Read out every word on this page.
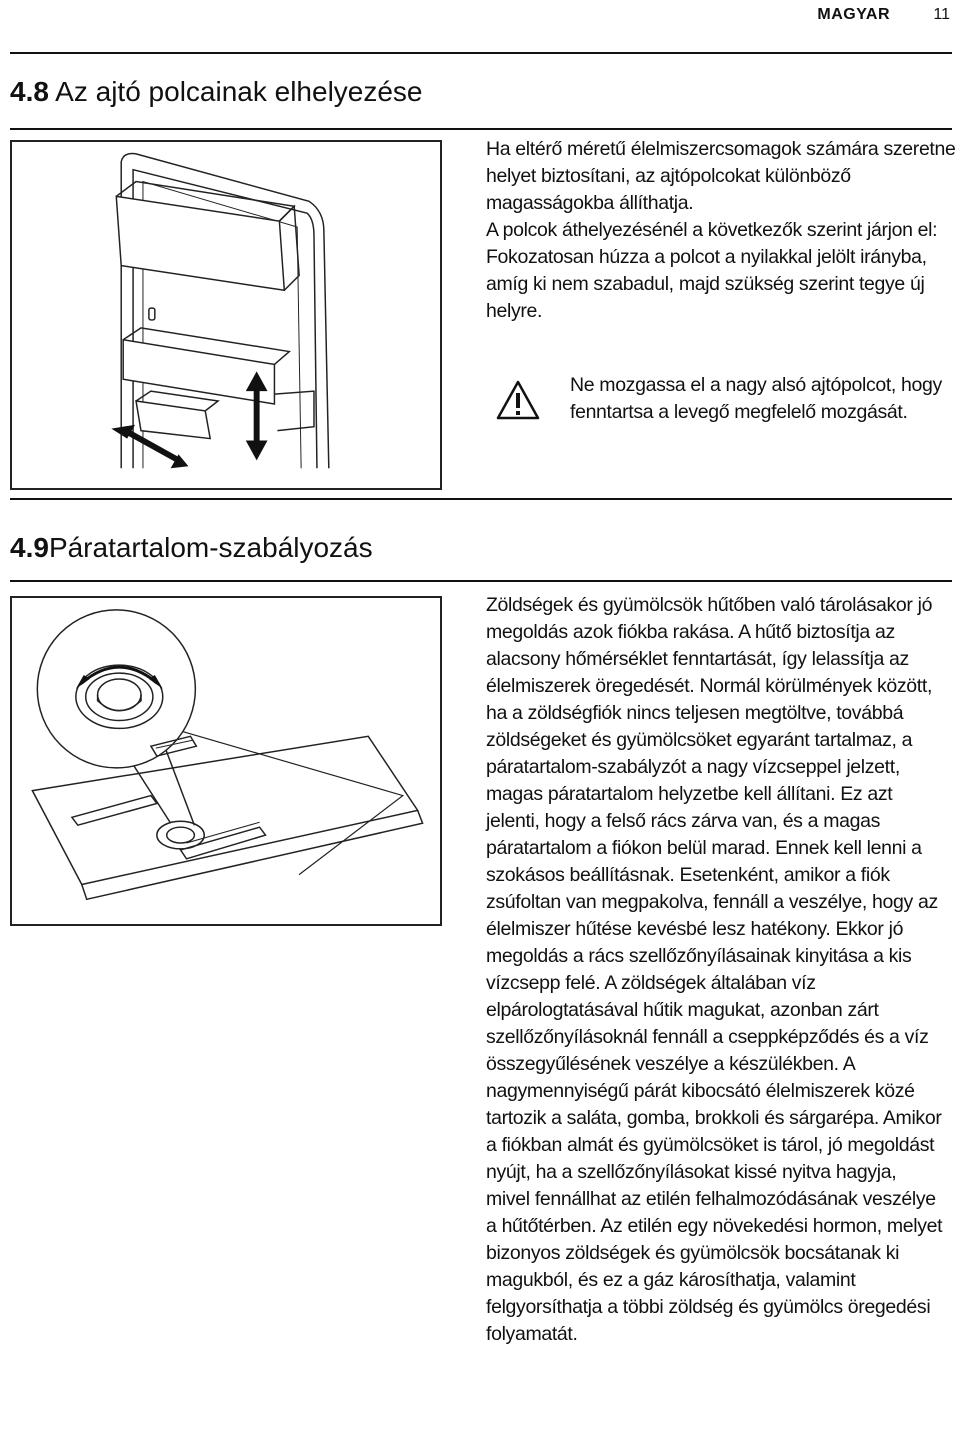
MAGYAR	11
4.8 Az ajtó polcainak elhelyezése

Ha eltérő méretű élelmiszercsomagok számára szeretne helyet biztosítani, az ajtópolcokat különböző magasságokba állíthatja.

A polcok áthelyezésénél a következők szerint járjon el:

Fokozatosan húzza a polcot a nyilakkal jelölt irányba, amíg ki nem szabadul, majd szükség szerint tegye új helyre.

Ne mozgassa el a nagy alsó ajtópolcot, hogy fenntartsa a levegő megfelelő mozgását.
4.9Páratartalom-szabályozás

Zöldségek és gyümölcsök hűtőben való tárolásakor jó megoldás azok fiókba rakása. A hűtő biztosítja az alacsony hőmérséklet fenntartását, így lelassítja az élelmiszerek öregedését. Normál körülmények között, ha a zöldségfiók nincs teljesen megtöltve, továbbá zöldségeket és gyümölcsöket egyaránt tartalmaz, a páratartalom-szabályzót a nagy vízcseppel jelzett, magas páratartalom helyzetbe kell állítani. Ez azt jelenti, hogy a felső rács zárva van, és a magas páratartalom a fiókon belül marad. Ennek kell lenni a szokásos beállításnak. Esetenként, amikor a fiók zsúfoltan van megpakolva, fennáll a veszélye, hogy az élelmiszer hűtése kevésbé lesz hatékony. Ekkor jó megoldás a rács szellőzőnyílásainak kinyitása a kis vízcsepp felé. A zöldségek általában víz elpárologtatásával hűtik magukat, azonban zárt szellőzőnyílásoknál fennáll a cseppképződés és a víz összegyűlésének veszélye a készülékben. A nagymennyiségű párát kibocsátó élelmiszerek közé tartozik a saláta, gomba, brokkoli és sárgarépa. Amikor a fiókban almát és gyümölcsöket is tárol, jó megoldást nyújt, ha a szellőzőnyílásokat kissé nyitva hagyja, mivel fennállhat az etilén felhalmozódásának veszélye a hűtőtérben. Az etilén egy növekedési hormon, melyet bizonyos zöldségek és gyümölcsök bocsátanak ki magukból, és ez a gáz károsíthatja, valamint felgyorsíthatja a többi zöldség és gyümölcs öregedési folyamatát.
